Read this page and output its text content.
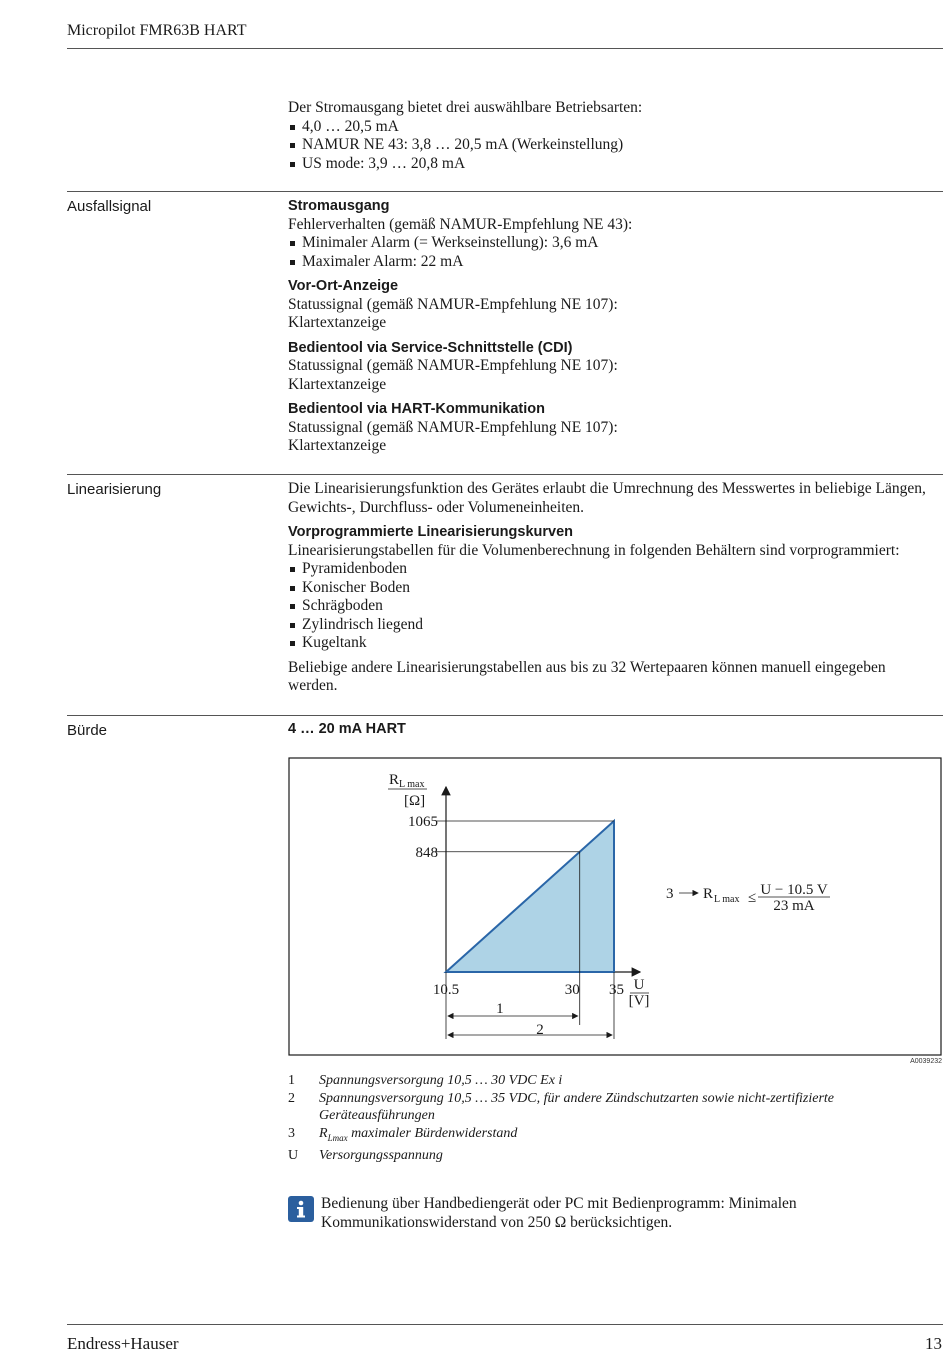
Micropilot FMR63B HART

Der Stromausgang bietet drei auswählbare Betriebsarten:

4,0 … 20,5 mA
NAMUR NE 43: 3,8 … 20,5 mA (Werkeinstellung)
US mode: 3,9 … 20,8 mA
Ausfallsignal	Stromausgang

Fehlerverhalten (gemäß NAMUR-Empfehlung NE 43):

Minimaler Alarm (= Werkseinstellung): 3,6 mA
Maximaler Alarm: 22 mA

Vor-Ort-Anzeige

Statussignal (gemäß NAMUR-Empfehlung NE 107):

Klartextanzeige

Bedientool via Service-Schnittstelle (CDI)

Statussignal (gemäß NAMUR-Empfehlung NE 107):

Klartextanzeige

Bedientool via HART-Kommunikation

Statussignal (gemäß NAMUR-Empfehlung NE 107):

Klartextanzeige

Linearisierung	Die Linearisierungsfunktion des Gerätes erlaubt die Umrechnung des Messwertes in beliebige Längen, Gewichts-, Durchfluss- oder Volumeneinheiten.

Vorprogrammierte Linearisierungskurven

Linearisierungstabellen für die Volumenberechnung in folgenden Behältern sind vorprogrammiert:

Pyramidenboden
Konischer Boden
Schrägboden
Zylindrisch liegend
Kugeltank

Beliebige andere Linearisierungstabellen aus bis zu 32 Wertepaaren können manuell eingegeben werden.

Bürde	4 … 20 mA HART
$R_{L max}$
[Ω]
1065
848
10.5	30 35 U
[V]
1
2
3 R L max ≤ U − 10.5 V
23 mA
A0039232
1	Spannungsversorgung 10,5 … 30 VDC Ex i
2	Spannungsversorgung 10,5 … 35 VDC, für andere Zündschutzarten sowie nicht-zertifizierte Geräteausführungen
3	$R_{Lmax}$ maximaler Bürdenwiderstand
U	Versorgungsspannung
Bedienung über Handbediengerät oder PC mit Bedienprogramm: Minimalen Kommunikationswiderstand von 250 Ω berücksichtigen.
Endress+Hauser	13
